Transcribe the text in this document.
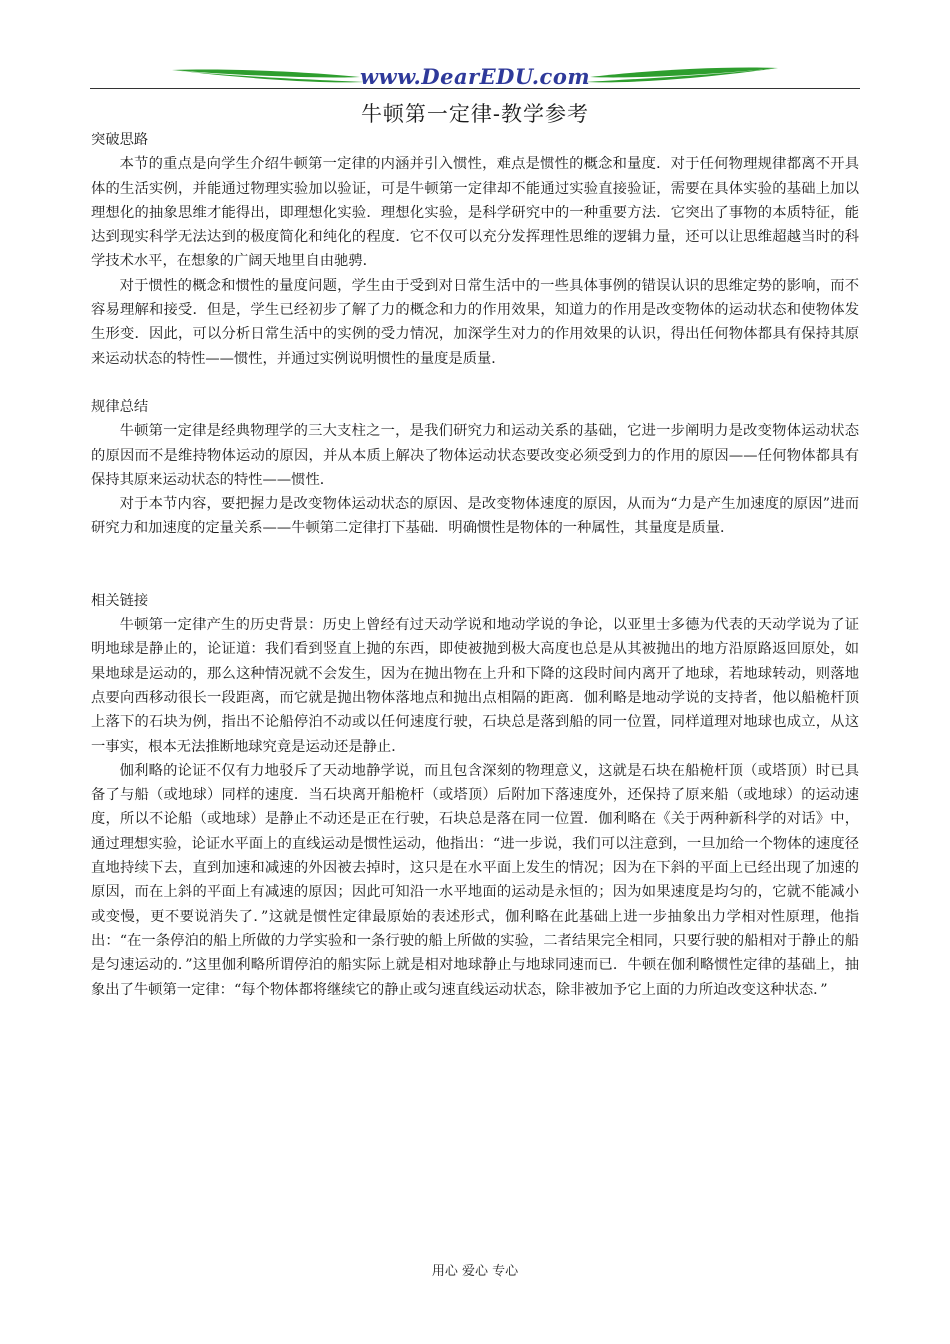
www.DearEDU.com
牛顿第一定律-教学参考

突破思路

本节的重点是向学生介绍牛顿第一定律的内涵并引入惯性，难点是惯性的概念和量度．对于任何物理规律都离不开具体的生活实例，并能通过物理实验加以验证，可是牛顿第一定律却不能通过实验直接验证，需要在具体实验的基础上加以理想化的抽象思维才能得出，即理想化实验．理想化实验，是科学研究中的一种重要方法．它突出了事物的本质特征，能达到现实科学无法达到的极度简化和纯化的程度．它不仅可以充分发挥理性思维的逻辑力量，还可以让思维超越当时的科学技术水平，在想象的广阔天地里自由驰骋．

对于惯性的概念和惯性的量度问题，学生由于受到对日常生活中的一些具体事例的错误认识的思维定势的影响，而不容易理解和接受．但是，学生已经初步了解了力的概念和力的作用效果，知道力的作用是改变物体的运动状态和使物体发生形变．因此，可以分析日常生活中的实例的受力情况，加深学生对力的作用效果的认识，得出任何物体都具有保持其原来运动状态的特性——惯性，并通过实例说明惯性的量度是质量．

规律总结

牛顿第一定律是经典物理学的三大支柱之一，是我们研究力和运动关系的基础，它进一步阐明力是改变物体运动状态的原因而不是维持物体运动的原因，并从本质上解决了物体运动状态要改变必须受到力的作用的原因——任何物体都具有保持其原来运动状态的特性——惯性．

对于本节内容，要把握力是改变物体运动状态的原因、是改变物体速度的原因，从而为“力是产生加速度的原因”进而研究力和加速度的定量关系——牛顿第二定律打下基础．明确惯性是物体的一种属性，其量度是质量．

相关链接

牛顿第一定律产生的历史背景：历史上曾经有过天动学说和地动学说的争论，以亚里士多德为代表的天动学说为了证明地球是静止的，论证道：我们看到竖直上抛的东西，即使被抛到极大高度也总是从其被抛出的地方沿原路返回原处，如果地球是运动的，那么这种情况就不会发生，因为在抛出物在上升和下降的这段时间内离开了地球，若地球转动，则落地点要向西移动很长一段距离，而它就是抛出物体落地点和抛出点相隔的距离．伽利略是地动学说的支持者，他以船桅杆顶上落下的石块为例，指出不论船停泊不动或以任何速度行驶，石块总是落到船的同一位置，同样道理对地球也成立，从这一事实，根本无法推断地球究竟是运动还是静止．

伽利略的论证不仅有力地驳斥了天动地静学说，而且包含深刻的物理意义，这就是石块在船桅杆顶（或塔顶）时已具备了与船（或地球）同样的速度．当石块离开船桅杆（或塔顶）后附加下落速度外，还保持了原来船（或地球）的运动速度，所以不论船（或地球）是静止不动还是正在行驶，石块总是落在同一位置．伽利略在《关于两种新科学的对话》中，通过理想实验，论证水平面上的直线运动是惯性运动，他指出：“进一步说，我们可以注意到，一旦加给一个物体的速度径直地持续下去，直到加速和减速的外因被去掉时，这只是在水平面上发生的情况；因为在下斜的平面上已经出现了加速的原因，而在上斜的平面上有减速的原因；因此可知沿一水平地面的运动是永恒的；因为如果速度是均匀的，它就不能减小或变慢，更不要说消失了．”这就是惯性定律最原始的表述形式，伽利略在此基础上进一步抽象出力学相对性原理，他指出：“在一条停泊的船上所做的力学实验和一条行驶的船上所做的实验，二者结果完全相同，只要行驶的船相对于静止的船是匀速运动的．”这里伽利略所谓停泊的船实际上就是相对地球静止与地球同速而已．牛顿在伽利略惯性定律的基础上，抽象出了牛顿第一定律：“每个物体都将继续它的静止或匀速直线运动状态，除非被加予它上面的力所迫改变这种状态．”

用心 爱心 专心
